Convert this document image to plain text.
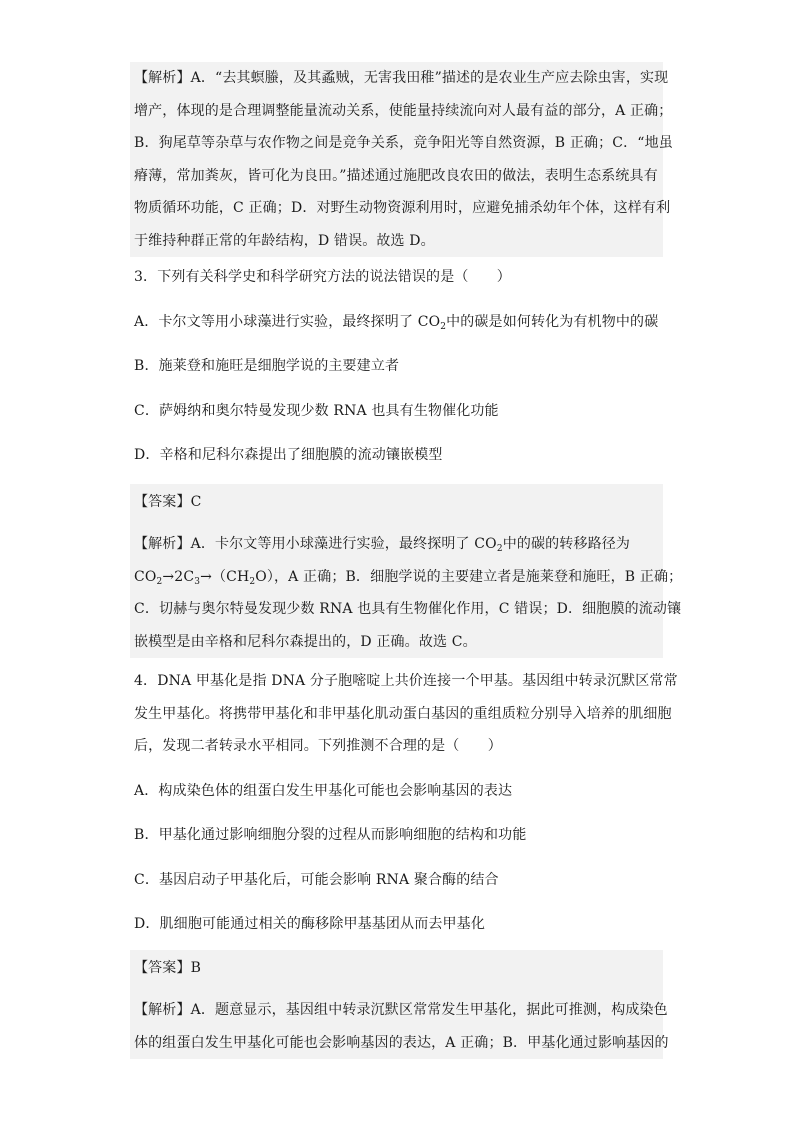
【解析】A．“去其螟螣，及其蟊贼，无害我田稚”描述的是农业生产应去除虫害，实现
增产，体现的是合理调整能量流动关系，使能量持续流向对人最有益的部分，A 正确；
B．狗尾草等杂草与农作物之间是竞争关系，竞争阳光等自然资源，B 正确；C．“地虽
瘠薄，常加粪灰，皆可化为良田。”描述通过施肥改良农田的做法，表明生态系统具有
物质循环功能，C 正确；D．对野生动物资源利用时，应避免捕杀幼年个体，这样有利
于维持种群正常的年龄结构，D 错误。故选 D。
3．下列有关科学史和科学研究方法的说法错误的是（　　）
A．卡尔文等用小球藻进行实验，最终探明了 $CO_2$中的碳是如何转化为有机物中的碳
B．施莱登和施旺是细胞学说的主要建立者
C．萨姆纳和奥尔特曼发现少数 RNA 也具有生物催化功能
D．辛格和尼科尔森提出了细胞膜的流动镶嵌模型
【答案】C
【解析】A．卡尔文等用小球藻进行实验，最终探明了 $CO_2$中的碳的转移路径为
$CO_2\to 2C_3\to(CH_2O)$，A 正确；B．细胞学说的主要建立者是施莱登和施旺，B 正确；
C．切赫与奥尔特曼发现少数 RNA 也具有生物催化作用，C 错误；D．细胞膜的流动镶
嵌模型是由辛格和尼科尔森提出的，D 正确。故选 C。
4．DNA 甲基化是指 DNA 分子胞嘧啶上共价连接一个甲基。基因组中转录沉默区常常
发生甲基化。将携带甲基化和非甲基化肌动蛋白基因的重组质粒分别导入培养的肌细胞
后，发现二者转录水平相同。下列推测不合理的是（　　）
A．构成染色体的组蛋白发生甲基化可能也会影响基因的表达
B．甲基化通过影响细胞分裂的过程从而影响细胞的结构和功能
C．基因启动子甲基化后，可能会影响 RNA 聚合酶的结合
D．肌细胞可能通过相关的酶移除甲基基团从而去甲基化
【答案】B
【解析】A．题意显示，基因组中转录沉默区常常发生甲基化，据此可推测，构成染色
体的组蛋白发生甲基化可能也会影响基因的表达，A 正确；B．甲基化通过影响基因的
